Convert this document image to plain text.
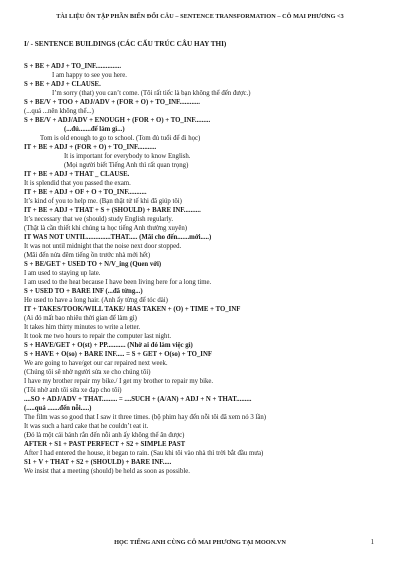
TÀI LIỆU ÔN TẬP PHẦN BIẾN ĐỔI CÂU – SENTENCE TRANSFORMATION – CÔ MAI PHƯƠNG <3
I/ - SENTENCE BUILDINGS (CÁC CẤU TRÚC CÂU HAY THI)
S + BE + ADJ + TO_INF...............
I am happy to see you here.
S + BE + ADJ + CLAUSE.
I’m sorry (that) you can’t come. (Tôi rất tiếc là bạn không thể đến được.)
S + BE/V + TOO + ADJ/ADV + (FOR + O) + TO_INF............
(...quá ...nên không thể...)
S + BE/V + ADJ/ADV + ENOUGH + (FOR + O) + TO_INF.........
(...đủ.......để làm gì...)
Tom is old enough to go to school. (Tom đủ tuổi để đi học)
IT + BE + ADJ + (FOR + O) + TO_INF...........
It is important for everybody to know English.
(Mọi người biết Tiếng Anh thì rất quan trọng)
IT + BE + ADJ + THAT _ CLAUSE.
It is splendid that you passed the exam.
IT + BE + ADJ + OF + O + TO_INF...........
It’s kind of you to help me. (Bạn thật tử tế khi đã giúp tôi)
IT + BE + ADJ + THAT + S + (SHOULD) + BARE INF..........
It’s necessary that we (should) study English regularly.
(Thật là cần thiết khi chúng ta học tiếng Anh thường xuyên)
IT WAS NOT UNTIL..............THAT..... (Mãi cho đến.......mới.....)
It was not until midnight that the noise next door stopped.
(Mãi đến nửa đêm tiếng ồn trước nhà mới hết)
S + BE/GET + USED TO + N/V_ing (Quen với)
I am used to staying up late.
I am used to the heat because I have been living here for a long time.
S + USED TO + BARE INF (...đã từng...)
He used to have a long hair. (Anh ấy từng để tóc dài)
IT + TAKES/TOOK/WILL TAKE/ HAS TAKEN + (O) + TIME + TO_INF
(Ai đó mất bao nhiêu thời gian để làm gì)
It takes him thirty minutes to write a letter.
It took me two hours to repair the computer last night.
S + HAVE/GET + O(st) + PP........... (Nhờ ai đó làm việc gì)
S + HAVE + O(so) + BARE INF..... = S + GET + O(so) + TO_INF
We are going to have/get our car repaired next week.
(Chúng tôi sẽ nhờ người sửa xe cho chúng tôi)
I have my brother repair my bike./ I get my brother to repair my bike.
(Tôi nhờ anh tôi sửa xe đạp cho tôi)
....SO + ADJ/ADV + THAT......... = ....SUCH + (A/AN) + ADJ + N + THAT.........
(.....quá .......đến nỗi.....)
The film was so good that I saw it three times. (bộ phim hay đến nỗi tôi đã xem nó 3 lần)
It was such a hard cake that he couldn’t eat it.
(Đó là một cái bánh rắn đến nỗi anh ấy không thể ăn được)
AFTER + S1 + PAST PERFECT + S2 + SIMPLE PAST
After I had entered the house, it began to rain. (Sau khi tôi vào nhà thì trời bắt đầu mưa)
S1 + V + THAT + S2 + (SHOULD) + BARE INF.....
We insist that a meeting (should) be held as soon as possible.
HỌC TIẾNG ANH CÙNG CÔ MAI PHƯƠNG TẠI MOON.VN	1
